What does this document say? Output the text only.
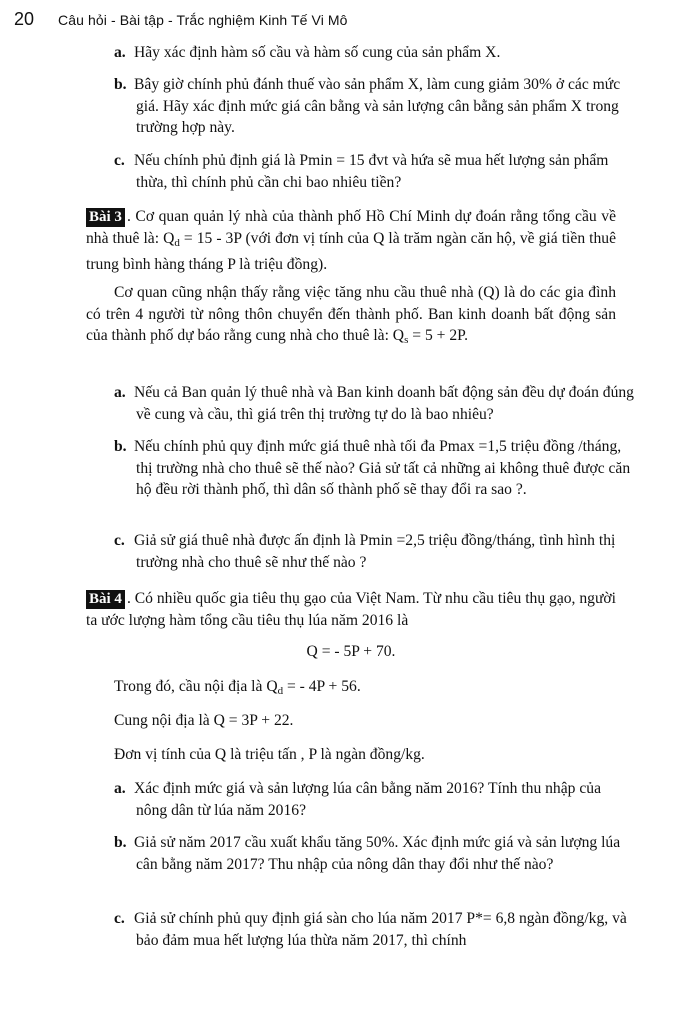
20	Câu hỏi - Bài tập - Trắc nghiệm Kinh Tế Vi Mô

a. Hãy xác định hàm số cầu và hàm số cung của sản phẩm X.

b. Bây giờ chính phủ đánh thuế vào sản phẩm X, làm cung giảm 30% ở các mức giá. Hãy xác định mức giá cân bằng và sản lượng cân bằng sản phẩm X trong trường hợp này.

c. Nếu chính phủ định giá là Pmin = 15 đvt và hứa sẽ mua hết lượng sản phẩm thừa, thì chính phủ cần chi bao nhiêu tiền?

Bài 3 . Cơ quan quản lý nhà của thành phố Hồ Chí Minh dự đoán rằng tổng cầu về nhà thuê là: $Q_d = 15 - 3P$ (với đơn vị tính của Q là trăm ngàn căn hộ, về giá tiền thuê trung bình hàng tháng P là triệu đồng).

Cơ quan cũng nhận thấy rằng việc tăng nhu cầu thuê nhà (Q) là do các gia đình có trên 4 người từ nông thôn chuyển đến thành phố. Ban kinh doanh bất động sản của thành phố dự báo rằng cung nhà cho thuê là: $Q_s = 5 + 2P$.

a. Nếu cả Ban quản lý thuê nhà và Ban kinh doanh bất động sản đều dự đoán đúng về cung và cầu, thì giá trên thị trường tự do là bao nhiêu?

b. Nếu chính phủ quy định mức giá thuê nhà tối đa Pmax =1,5 triệu đồng /tháng, thị trường nhà cho thuê sẽ thế nào? Giả sử tất cả những ai không thuê được căn hộ đều rời thành phố, thì dân số thành phố sẽ thay đổi ra sao ?.

c. Giả sử giá thuê nhà được ấn định là Pmin =2,5 triệu đồng/tháng, tình hình thị trường nhà cho thuê sẽ như thế nào ?

Bài 4 . Có nhiều quốc gia tiêu thụ gạo của Việt Nam. Từ nhu cầu tiêu thụ gạo, người ta ước lượng hàm tổng cầu tiêu thụ lúa năm 2016 là

Q = - 5P + 70.

Trong đó, cầu nội địa là $Q_d$ = - 4P + 56.

Cung nội địa là Q = 3P + 22.

Đơn vị tính của Q là triệu tấn , P là ngàn đồng/kg.

a. Xác định mức giá và sản lượng lúa cân bằng năm 2016? Tính thu nhập của nông dân từ lúa năm 2016?

b. Giả sử năm 2017 cầu xuất khẩu tăng 50%. Xác định mức giá và sản lượng lúa cân bằng năm 2017? Thu nhập của nông dân thay đổi như thế nào?

c. Giả sử chính phủ quy định giá sàn cho lúa năm 2017 P*= 6,8 ngàn đồng/kg, và bảo đảm mua hết lượng lúa thừa năm 2017, thì chính
